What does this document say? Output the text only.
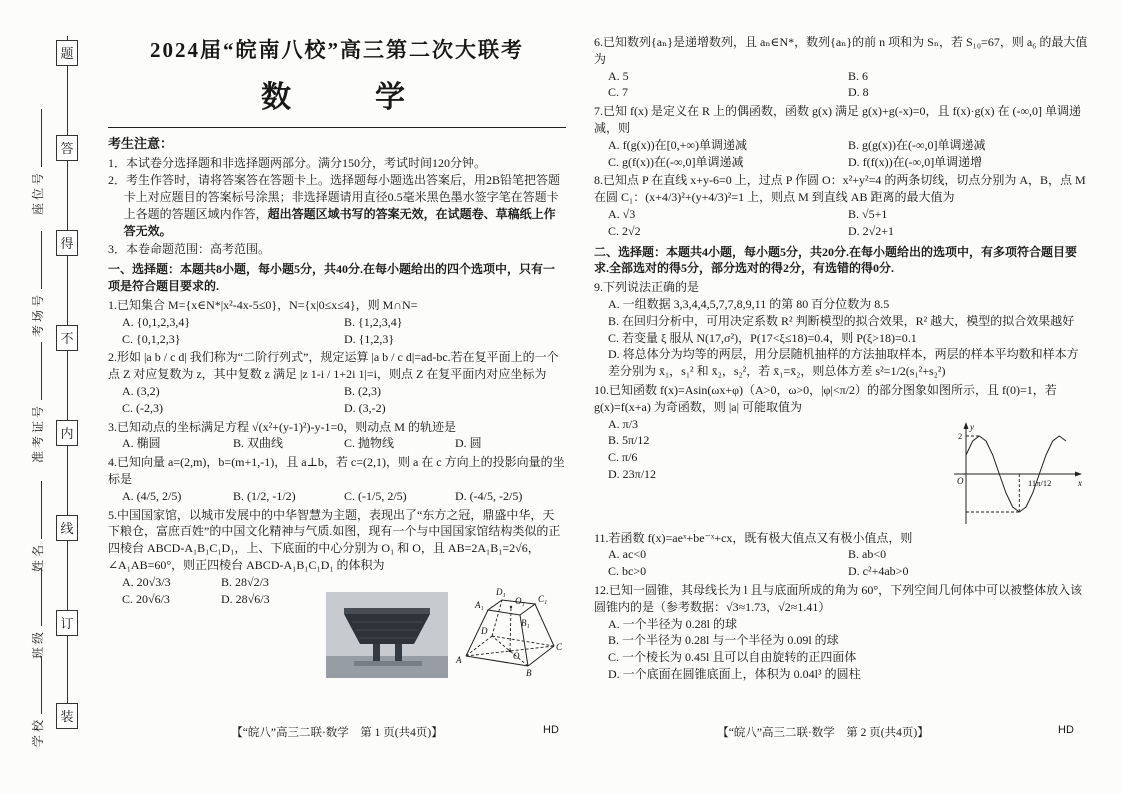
题
答
得
不
内
线
订
装
座位号
考场号
准考证号
姓名
班级
学校
2024届“皖南八校”高三第二次大联考
数　　学
考生注意：
1．本试卷分选择题和非选择题两部分。满分150分，考试时间120分钟。
2．考生作答时，请将答案答在答题卡上。选择题每小题选出答案后，用2B铅笔把答题卡上对应题目的答案标号涂黑；非选择题请用直径0.5毫米黑色墨水签字笔在答题卡上各题的答题区域内作答，超出答题区域书写的答案无效，在试题卷、草稿纸上作答无效。
3．本卷命题范围：高考范围。
一、选择题：本题共8小题，每小题5分，共40分.在每小题给出的四个选项中，只有一项是符合题目要求的.
1.已知集合 M={x∈N*|x²-4x-5≤0}，N={x|0≤x≤4}，则 M∩N=
A. {0,1,2,3,4}	B. {1,2,3,4}
C. {0,1,2,3}	D. {1,2,3}
2.形如 |a b / c d| 我们称为“二阶行列式”，规定运算 |a b / c d|=ad-bc.若在复平面上的一个点 Z 对应复数为 z，其中复数 z 满足 |z 1-i / 1+2i 1|=i，则点 Z 在复平面内对应坐标为
A. (3,2)	B. (2,3)
C. (-2,3)	D. (3,-2)
3.已知动点的坐标满足方程 √(x²+(y-1)²)-y-1=0，则动点 M 的轨迹是
A. 椭圆	B. 双曲线	C. 抛物线	D. 圆
4.已知向量 a=(2,m)，b=(m+1,-1)，且 a⊥b，若 c=(2,1)，则 a 在 c 方向上的投影向量的坐标是
A. (4/5, 2/5)	B. (1/2, -1/2)	C. (-1/5, 2/5)	D. (-4/5, -2/5)
5.中国国家馆，以城市发展中的中华智慧为主题，表现出了“东方之冠，鼎盛中华，天下粮仓，富庶百姓”的中国文化精神与气质.如图，现有一个与中国国家馆结构类似的正四棱台 ABCD-A₁B₁C₁D₁，上、下底面的中心分别为 O₁ 和 O，且 AB=2A₁B₁=2√6，∠A₁AB=60°，则正四棱台 ABCD-A₁B₁C₁D₁ 的体积为
A. 20√3/3	B. 28√2/3
C. 20√6/3	D. 28√6/3
A
B
C
D
A₁
B₁
C₁
D₁
O
O₁
6.已知数列{aₙ}是递增数列，且 aₙ∈N*，数列{aₙ}的前 n 项和为 Sₙ，若 S₁₀=67，则 a₆ 的最大值为
A. 5	B. 6
C. 7	D. 8
7.已知 f(x) 是定义在 R 上的偶函数，函数 g(x) 满足 g(x)+g(-x)=0，且 f(x)·g(x) 在 (-∞,0] 单调递减，则
A. f(g(x))在[0,+∞)单调递减	B. g(g(x))在(-∞,0]单调递减
C. g(f(x))在(-∞,0]单调递减	D. f(f(x))在(-∞,0]单调递增
8.已知点 P 在直线 x+y-6=0 上，过点 P 作圆 O：x²+y²=4 的两条切线，切点分别为 A，B，点 M 在圆 C₁：(x+4/3)²+(y+4/3)²=1 上，则点 M 到直线 AB 距离的最大值为
A. √3	B. √5+1
C. 2√2	D. 2√2+1
二、选择题：本题共4小题，每小题5分，共20分.在每小题给出的选项中，有多项符合题目要求.全部选对的得5分，部分选对的得2分，有选错的得0分.
9.下列说法正确的是
A. 一组数据 3,3,4,4,5,7,7,8,9,11 的第 80 百分位数为 8.5
B. 在回归分析中，可用决定系数 R² 判断模型的拟合效果，R² 越大，模型的拟合效果越好
C. 若变量 ξ 服从 N(17,σ²)，P(17<ξ≤18)=0.4，则 P(ξ>18)=0.1
D. 将总体分为均等的两层，用分层随机抽样的方法抽取样本，两层的样本平均数和样本方差分别为 x̄₁，s₁² 和 x̄₂，s₂²，若 x̄₁=x̄₂，则总体方差 s²=1/2(s₁²+s₂²)
10.已知函数 f(x)=Asin(ωx+φ)（A>0，ω>0，|φ|<π/2）的部分图象如图所示，且 f(0)=1，若 g(x)=f(x+a) 为奇函数，则 |a| 可能取值为
A. π/3
B. 5π/12
C. π/6
D. 23π/12
2
y
O	x
11π/12
11.若函数 f(x)=aeˣ+be⁻ˣ+cx，既有极大值点又有极小值点，则
A. ac<0	B. ab<0
C. bc>0	D. c²+4ab>0
12.已知一圆锥，其母线长为 l 且与底面所成的角为 60°，下列空间几何体中可以被整体放入该圆锥内的是（参考数据：√3≈1.73，√2≈1.41）
A. 一个半径为 0.28l 的球
B. 一个半径为 0.28l 与一个半径为 0.09l 的球
C. 一个棱长为 0.45l 且可以自由旋转的正四面体
D. 一个底面在圆锥底面上，体积为 0.04l³ 的圆柱
【“皖八”高三二联·数学　第 1 页(共4页)】	HD	【“皖八”高三二联·数学　第 2 页(共4页)】	HD
